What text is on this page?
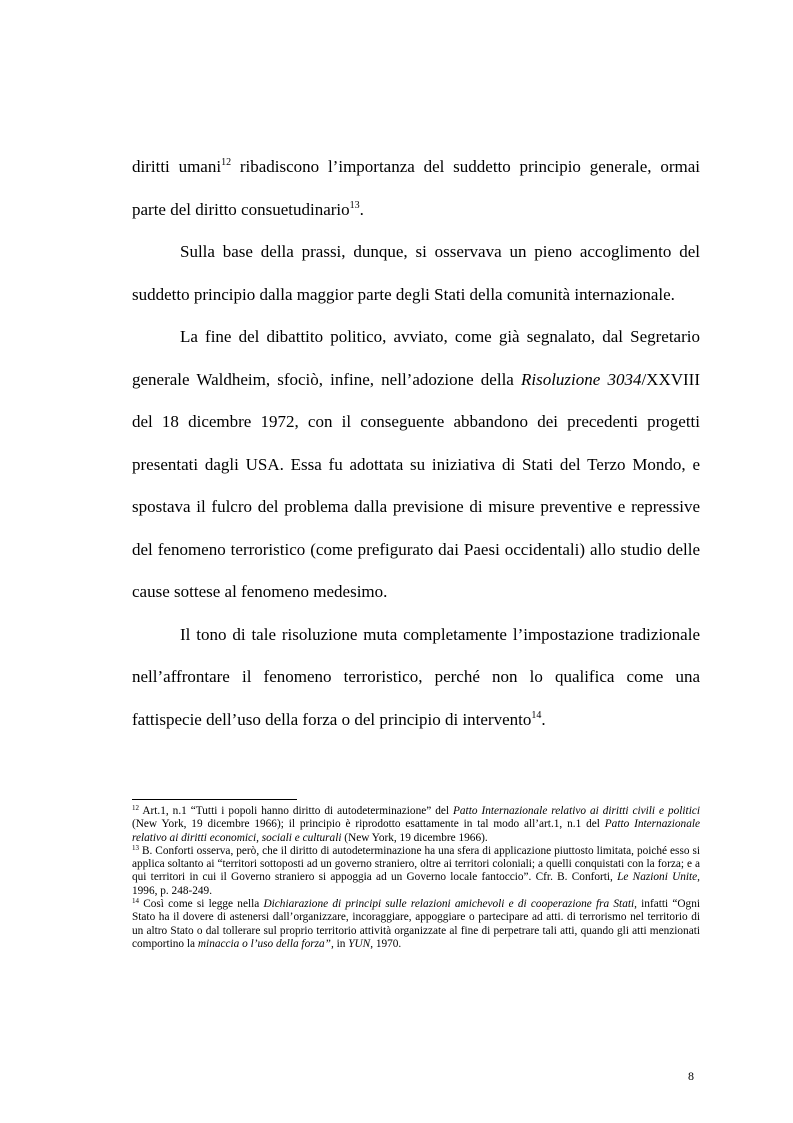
diritti umani$^{12}$ ribadiscono l’importanza del suddetto principio generale, ormai parte del diritto consuetudinario$^{13}$.

Sulla base della prassi, dunque, si osservava un pieno accoglimento del suddetto principio dalla maggior parte degli Stati della comunità internazionale.

La fine del dibattito politico, avviato, come già segnalato, dal Segretario generale Waldheim, sfociò, infine, nell’adozione della Risoluzione 3034/XXVIII del 18 dicembre 1972, con il conseguente abbandono dei precedenti progetti presentati dagli USA. Essa fu adottata su iniziativa di Stati del Terzo Mondo, e spostava il fulcro del problema dalla previsione di misure preventive e repressive del fenomeno terroristico (come prefigurato dai Paesi occidentali) allo studio delle cause sottese al fenomeno medesimo.

Il tono di tale risoluzione muta completamente l’impostazione tradizionale nell’affrontare il fenomeno terroristico, perché non lo qualifica come una fattispecie dell’uso della forza o del principio di intervento$^{14}$.

$^{12}$ Art.1, n.1 “Tutti i popoli hanno diritto di autodeterminazione” del Patto Internazionale relativo ai diritti civili e politici (New York, 19 dicembre 1966); il principio è riprodotto esattamente in tal modo all’art.1, n.1 del Patto Internazionale relativo ai diritti economici, sociali e culturali (New York, 19 dicembre 1966).

$^{13}$ B. Conforti osserva, però, che il diritto di autodeterminazione ha una sfera di applicazione piuttosto limitata, poiché esso si applica soltanto ai “territori sottoposti ad un governo straniero, oltre ai territori coloniali; a quelli conquistati con la forza; e a qui territori in cui il Governo straniero si appoggia ad un Governo locale fantoccio”. Cfr. B. Conforti, Le Nazioni Unite, 1996, p. 248-249.

$^{14}$ Così come si legge nella Dichiarazione di principi sulle relazioni amichevoli e di cooperazione fra Stati, infatti “Ogni Stato ha il dovere di astenersi dall’organizzare, incoraggiare, appoggiare o partecipare ad atti. di terrorismo nel territorio di un altro Stato o dal tollerare sul proprio territorio attività organizzate al fine di perpetrare tali atti, quando gli atti menzionati comportino la minaccia o l’uso della forza”, in YUN, 1970.

8
